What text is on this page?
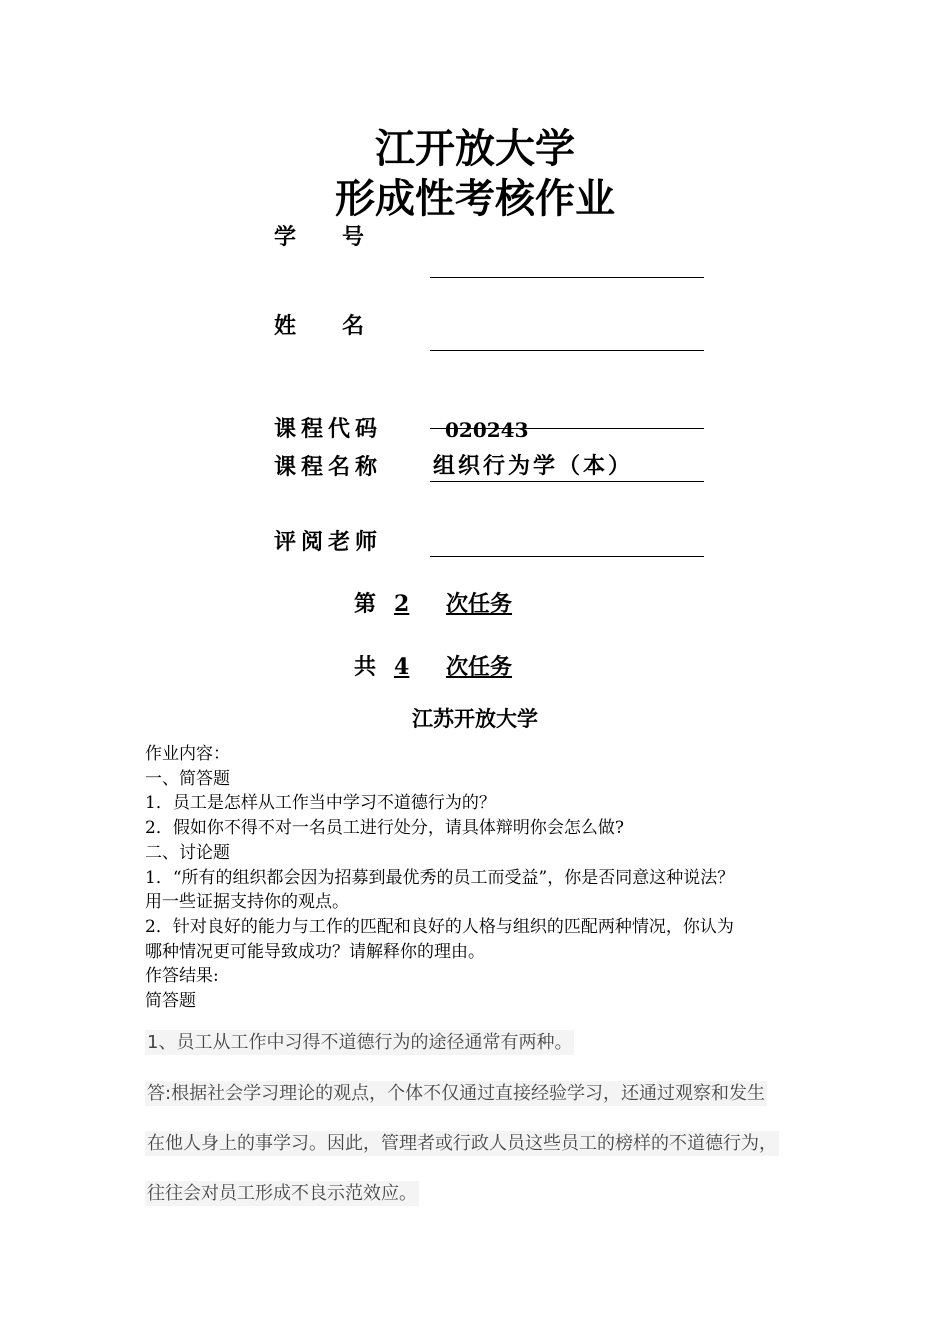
江开放大学
形成性考核作业
学号
姓名
课程代码	020243
课程名称 组织行为学（本）
评阅老师
第 2 次任务
共 4 次任务
江苏开放大学
作业内容：
一、简答题
1．员工是怎样从工作当中学习不道德行为的？
2．假如你不得不对一名员工进行处分，请具体辩明你会怎么做?
二、讨论题
1．“所有的组织都会因为招募到最优秀的员工而受益”，你是否同意这种说法？
用一些证据支持你的观点。
2．针对良好的能力与工作的匹配和良好的人格与组织的匹配两种情况，你认为
哪种情况更可能导致成功？请解释你的理由。
作答结果:
简答题
1、员工从工作中习得不道德行为的途径通常有两种。
答:根据社会学习理论的观点，个体不仅通过直接经验学习，还通过观察和发生
在他人身上的事学习。因此，管理者或行政人员这些员工的榜样的不道德行为，
往往会对员工形成不良示范效应。
